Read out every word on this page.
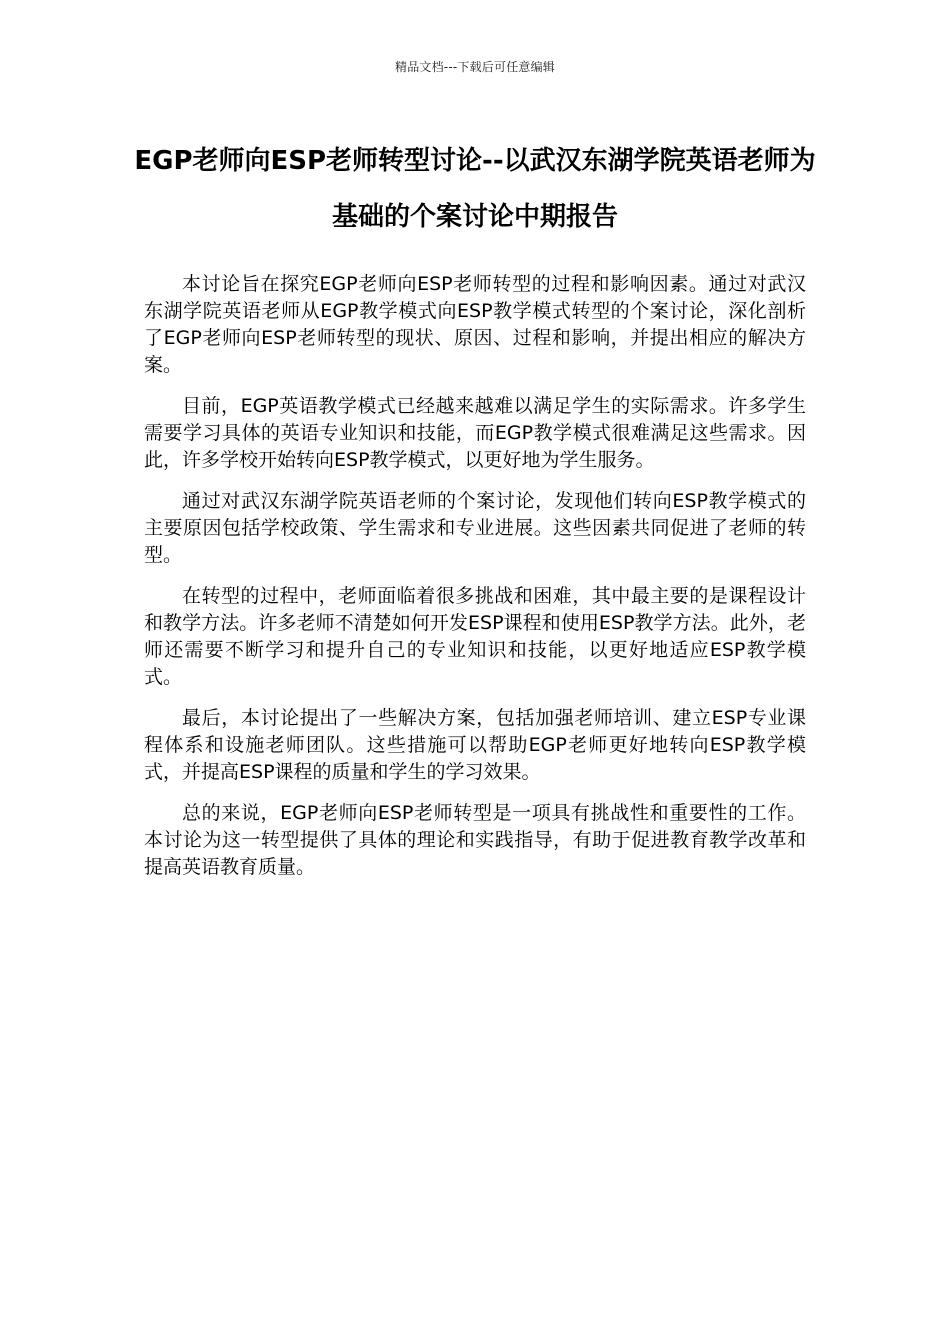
精品文档---下载后可任意编辑
EGP老师向ESP老师转型讨论--以武汉东湖学院英语老师为基础的个案讨论中期报告

本讨论旨在探究EGP老师向ESP老师转型的过程和影响因素。通过对武汉东湖学院英语老师从EGP教学模式向ESP教学模式转型的个案讨论，深化剖析了EGP老师向ESP老师转型的现状、原因、过程和影响，并提出相应的解决方案。

目前，EGP英语教学模式已经越来越难以满足学生的实际需求。许多学生需要学习具体的英语专业知识和技能，而EGP教学模式很难满足这些需求。因此，许多学校开始转向ESP教学模式，以更好地为学生服务。

通过对武汉东湖学院英语老师的个案讨论，发现他们转向ESP教学模式的主要原因包括学校政策、学生需求和专业进展。这些因素共同促进了老师的转型。

在转型的过程中，老师面临着很多挑战和困难，其中最主要的是课程设计和教学方法。许多老师不清楚如何开发ESP课程和使用ESP教学方法。此外，老师还需要不断学习和提升自己的专业知识和技能，以更好地适应ESP教学模式。

最后，本讨论提出了一些解决方案，包括加强老师培训、建立ESP专业课程体系和设施老师团队。这些措施可以帮助EGP老师更好地转向ESP教学模式，并提高ESP课程的质量和学生的学习效果。

总的来说，EGP老师向ESP老师转型是一项具有挑战性和重要性的工作。本讨论为这一转型提供了具体的理论和实践指导，有助于促进教育教学改革和提高英语教育质量。
